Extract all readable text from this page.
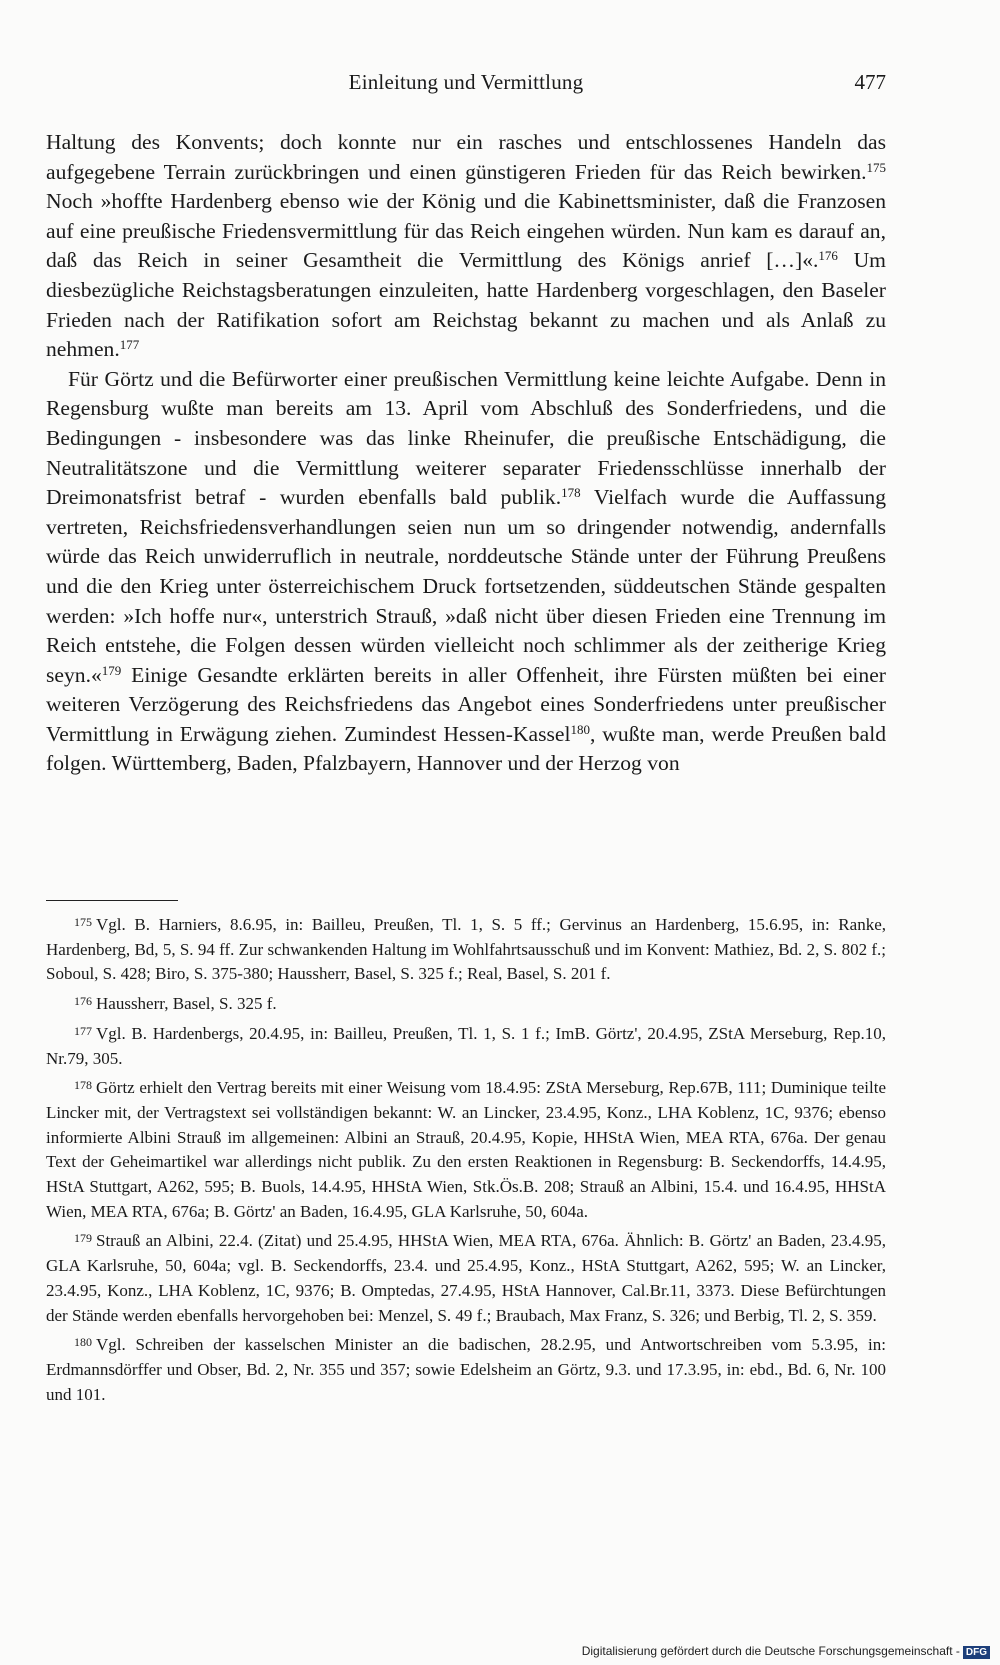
Einleitung und Vermittlung	477

Haltung des Konvents; doch konnte nur ein rasches und entschlossenes Handeln das aufgegebene Terrain zurückbringen und einen günstigeren Frieden für das Reich bewirken.$^{175}$ Noch »hoffte Hardenberg ebenso wie der König und die Kabinettsminister, daß die Franzosen auf eine preußische Friedensvermittlung für das Reich eingehen würden. Nun kam es darauf an, daß das Reich in seiner Gesamtheit die Vermittlung des Königs anrief […]«.$^{176}$ Um diesbezügliche Reichstagsberatungen einzuleiten, hatte Hardenberg vorgeschlagen, den Baseler Frieden nach der Ratifikation sofort am Reichstag bekannt zu machen und als Anlaß zu nehmen.$^{177}$

Für Görtz und die Befürworter einer preußischen Vermittlung keine leichte Aufgabe. Denn in Regensburg wußte man bereits am 13. April vom Abschluß des Sonderfriedens, und die Bedingungen - insbesondere was das linke Rheinufer, die preußische Entschädigung, die Neutralitätszone und die Vermittlung weiterer separater Friedensschlüsse innerhalb der Dreimonatsfrist betraf - wurden ebenfalls bald publik.$^{178}$ Vielfach wurde die Auffassung vertreten, Reichsfriedensverhandlungen seien nun um so dringender notwendig, andernfalls würde das Reich unwiderruflich in neutrale, norddeutsche Stände unter der Führung Preußens und die den Krieg unter österreichischem Druck fortsetzenden, süddeutschen Stände gespalten werden: »Ich hoffe nur«, unterstrich Strauß, »daß nicht über diesen Frieden eine Trennung im Reich entstehe, die Folgen dessen würden vielleicht noch schlimmer als der zeitherige Krieg seyn.«$^{179}$ Einige Gesandte erklärten bereits in aller Offenheit, ihre Fürsten müßten bei einer weiteren Verzögerung des Reichsfriedens das Angebot eines Sonderfriedens unter preußischer Vermittlung in Erwägung ziehen. Zumindest Hessen-Kassel$^{180}$, wußte man, werde Preußen bald folgen. Württemberg, Baden, Pfalzbayern, Hannover und der Herzog von

$^{175}$ Vgl. B. Harniers, 8.6.95, in: Bailleu, Preußen, Tl. 1, S. 5 ff.; Gervinus an Hardenberg, 15.6.95, in: Ranke, Hardenberg, Bd, 5, S. 94 ff. Zur schwankenden Haltung im Wohlfahrtsausschuß und im Konvent: Mathiez, Bd. 2, S. 802 f.; Soboul, S. 428; Biro, S. 375-380; Haussherr, Basel, S. 325 f.; Real, Basel, S. 201 f.

$^{176}$ Haussherr, Basel, S. 325 f.

$^{177}$ Vgl. B. Hardenbergs, 20.4.95, in: Bailleu, Preußen, Tl. 1, S. 1 f.; ImB. Görtz', 20.4.95, ZStA Merseburg, Rep.10, Nr.79, 305.

$^{178}$ Görtz erhielt den Vertrag bereits mit einer Weisung vom 18.4.95: ZStA Merseburg, Rep.67B, 111; Duminique teilte Lincker mit, der Vertragstext sei vollständigen bekannt: W. an Lincker, 23.4.95, Konz., LHA Koblenz, 1C, 9376; ebenso informierte Albini Strauß im allgemeinen: Albini an Strauß, 20.4.95, Kopie, HHStA Wien, MEA RTA, 676a. Der genau Text der Geheimartikel war allerdings nicht publik. Zu den ersten Reaktionen in Regensburg: B. Seckendorffs, 14.4.95, HStA Stuttgart, A262, 595; B. Buols, 14.4.95, HHStA Wien, Stk.Ös.B. 208; Strauß an Albini, 15.4. und 16.4.95, HHStA Wien, MEA RTA, 676a; B. Görtz' an Baden, 16.4.95, GLA Karlsruhe, 50, 604a.

$^{179}$ Strauß an Albini, 22.4. (Zitat) und 25.4.95, HHStA Wien, MEA RTA, 676a. Ähnlich: B. Görtz' an Baden, 23.4.95, GLA Karlsruhe, 50, 604a; vgl. B. Seckendorffs, 23.4. und 25.4.95, Konz., HStA Stuttgart, A262, 595; W. an Lincker, 23.4.95, Konz., LHA Koblenz, 1C, 9376; B. Omptedas, 27.4.95, HStA Hannover, Cal.Br.11, 3373. Diese Befürchtungen der Stände werden ebenfalls hervorgehoben bei: Menzel, S. 49 f.; Braubach, Max Franz, S. 326; und Berbig, Tl. 2, S. 359.

$^{180}$ Vgl. Schreiben der kasselschen Minister an die badischen, 28.2.95, und Antwortschreiben vom 5.3.95, in: Erdmannsdörffer und Obser, Bd. 2, Nr. 355 und 357; sowie Edelsheim an Görtz, 9.3. und 17.3.95, in: ebd., Bd. 6, Nr. 100 und 101.

Digitalisierung gefördert durch die Deutsche Forschungsgemeinschaft - DFG
